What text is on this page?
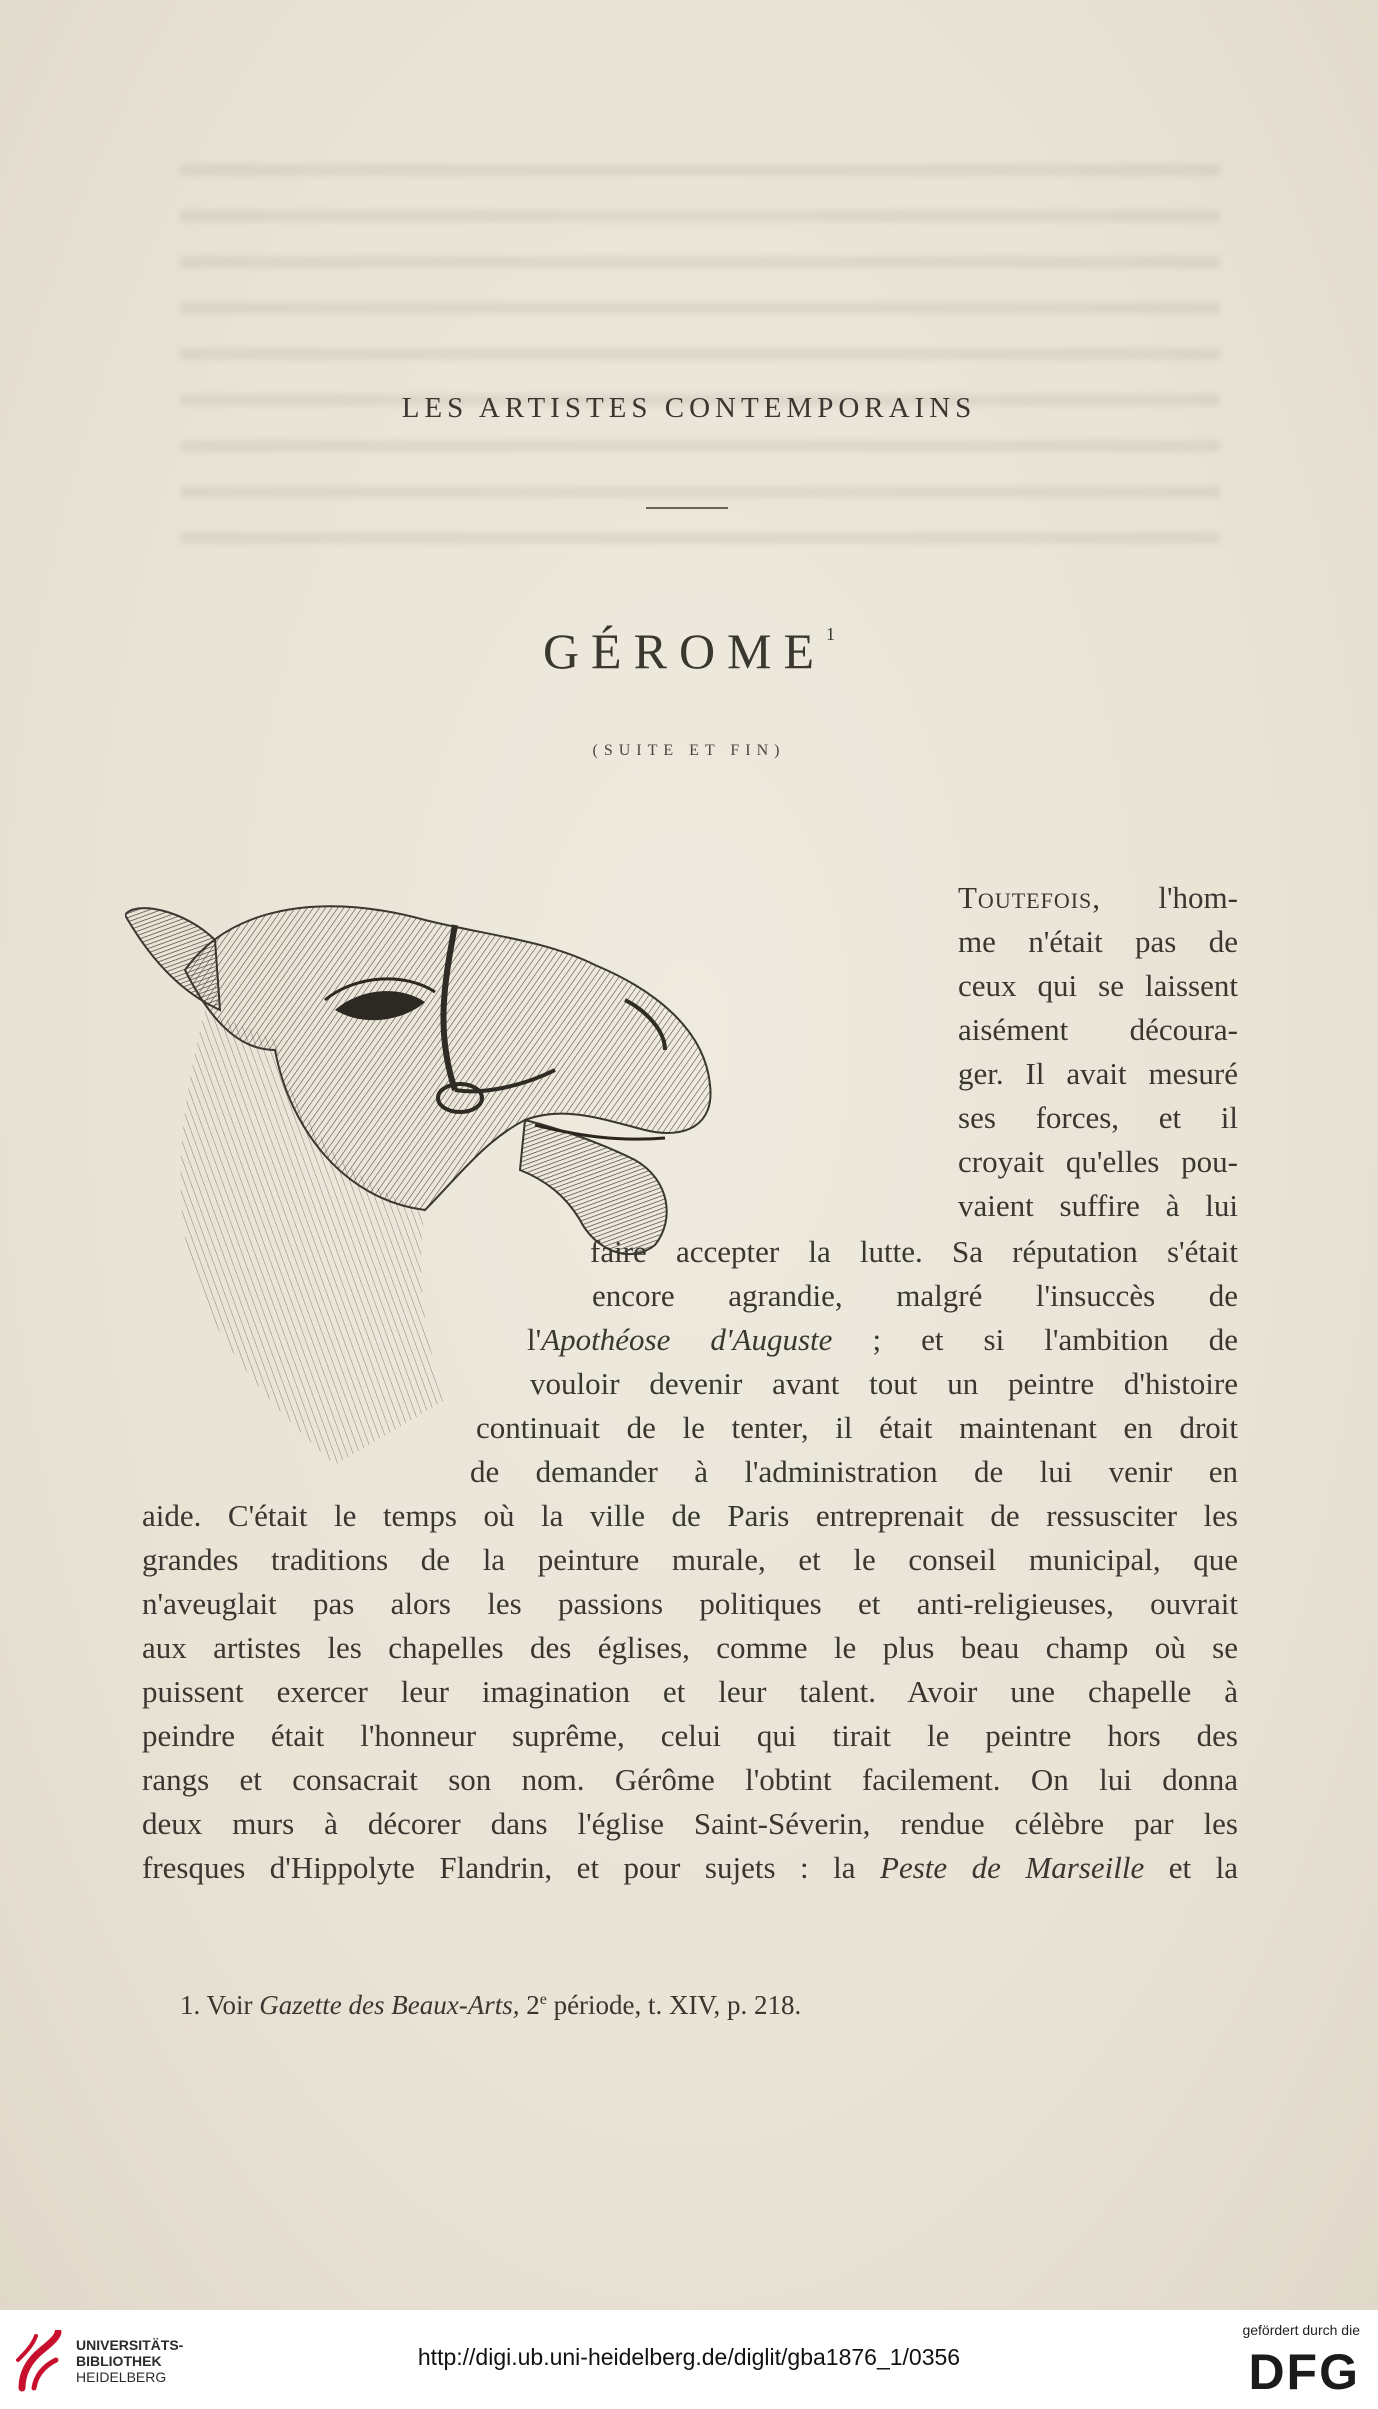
LES ARTISTES CONTEMPORAINS
GÉROME$^1$
(SUITE ET FIN)
Toutefois, l'hom-
me n'était pas de
ceux qui se laissent
aisément découra-
ger. Il avait mesuré
ses forces, et il
croyait qu'elles pou-
vaient suffire à lui
faire accepter la lutte. Sa réputation s'était
encore agrandie, malgré l'insuccès de
l'Apothéose d'Auguste ; et si l'ambition de
vouloir devenir avant tout un peintre d'histoire
continuait de le tenter, il était maintenant en droit
de demander à l'administration de lui venir en
aide. C'était le temps où la ville de Paris entreprenait de ressusciter les
grandes traditions de la peinture murale, et le conseil municipal, que
n'aveuglait pas alors les passions politiques et anti-religieuses, ouvrait
aux artistes les chapelles des églises, comme le plus beau champ où se
puissent exercer leur imagination et leur talent. Avoir une chapelle à
peindre était l'honneur suprême, celui qui tirait le peintre hors des
rangs et consacrait son nom. Gérôme l'obtint facilement. On lui donna
deux murs à décorer dans l'église Saint-Séverin, rendue célèbre par les
fresques d'Hippolyte Flandrin, et pour sujets : la Peste de Marseille et la
1. Voir Gazette des Beaux-Arts, 2e période, t. XIV, p. 218.
UNIVERSITÄTS-
BIBLIOTHEK
HEIDELBERG
http://digi.ub.uni-heidelberg.de/diglit/gba1876_1/0356
gefördert durch die
DFG
